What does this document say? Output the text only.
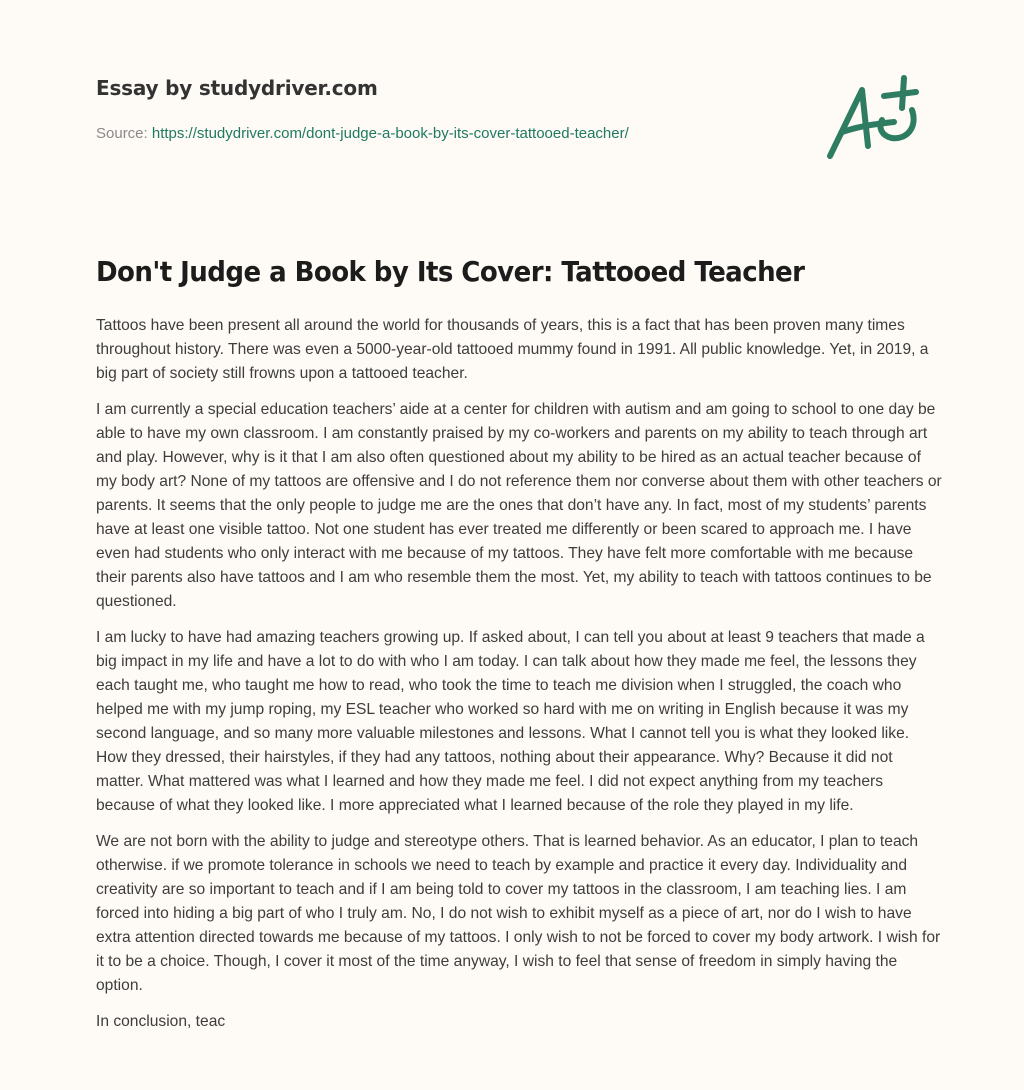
Essay by studydriver.com
Source: https://studydriver.com/dont-judge-a-book-by-its-cover-tattooed-teacher/
Don't Judge a Book by Its Cover: Tattooed Teacher

Tattoos have been present all around the world for thousands of years, this is a fact that has been proven many times throughout history. There was even a 5000-year-old tattooed mummy found in 1991. All public knowledge. Yet, in 2019, a big part of society still frowns upon a tattooed teacher.

I am currently a special education teachers’ aide at a center for children with autism and am going to school to one day be able to have my own classroom. I am constantly praised by my co-workers and parents on my ability to teach through art and play. However, why is it that I am also often questioned about my ability to be hired as an actual teacher because of my body art? None of my tattoos are offensive and I do not reference them nor converse about them with other teachers or parents. It seems that the only people to judge me are the ones that don’t have any. In fact, most of my students’ parents have at least one visible tattoo. Not one student has ever treated me differently or been scared to approach me. I have even had students who only interact with me because of my tattoos. They have felt more comfortable with me because their parents also have tattoos and I am who resemble them the most. Yet, my ability to teach with tattoos continues to be questioned.

I am lucky to have had amazing teachers growing up. If asked about, I can tell you about at least 9 teachers that made a big impact in my life and have a lot to do with who I am today. I can talk about how they made me feel, the lessons they each taught me, who taught me how to read, who took the time to teach me division when I struggled, the coach who helped me with my jump roping, my ESL teacher who worked so hard with me on writing in English because it was my second language, and so many more valuable milestones and lessons. What I cannot tell you is what they looked like. How they dressed, their hairstyles, if they had any tattoos, nothing about their appearance. Why? Because it did not matter. What mattered was what I learned and how they made me feel. I did not expect anything from my teachers because of what they looked like. I more appreciated what I learned because of the role they played in my life.

We are not born with the ability to judge and stereotype others. That is learned behavior. As an educator, I plan to teach otherwise. if we promote tolerance in schools we need to teach by example and practice it every day. Individuality and creativity are so important to teach and if I am being told to cover my tattoos in the classroom, I am teaching lies. I am forced into hiding a big part of who I truly am. No, I do not wish to exhibit myself as a piece of art, nor do I wish to have extra attention directed towards me because of my tattoos. I only wish to not be forced to cover my body artwork. I wish for it to be a choice. Though, I cover it most of the time anyway, I wish to feel that sense of freedom in simply having the option.

In conclusion, teac
